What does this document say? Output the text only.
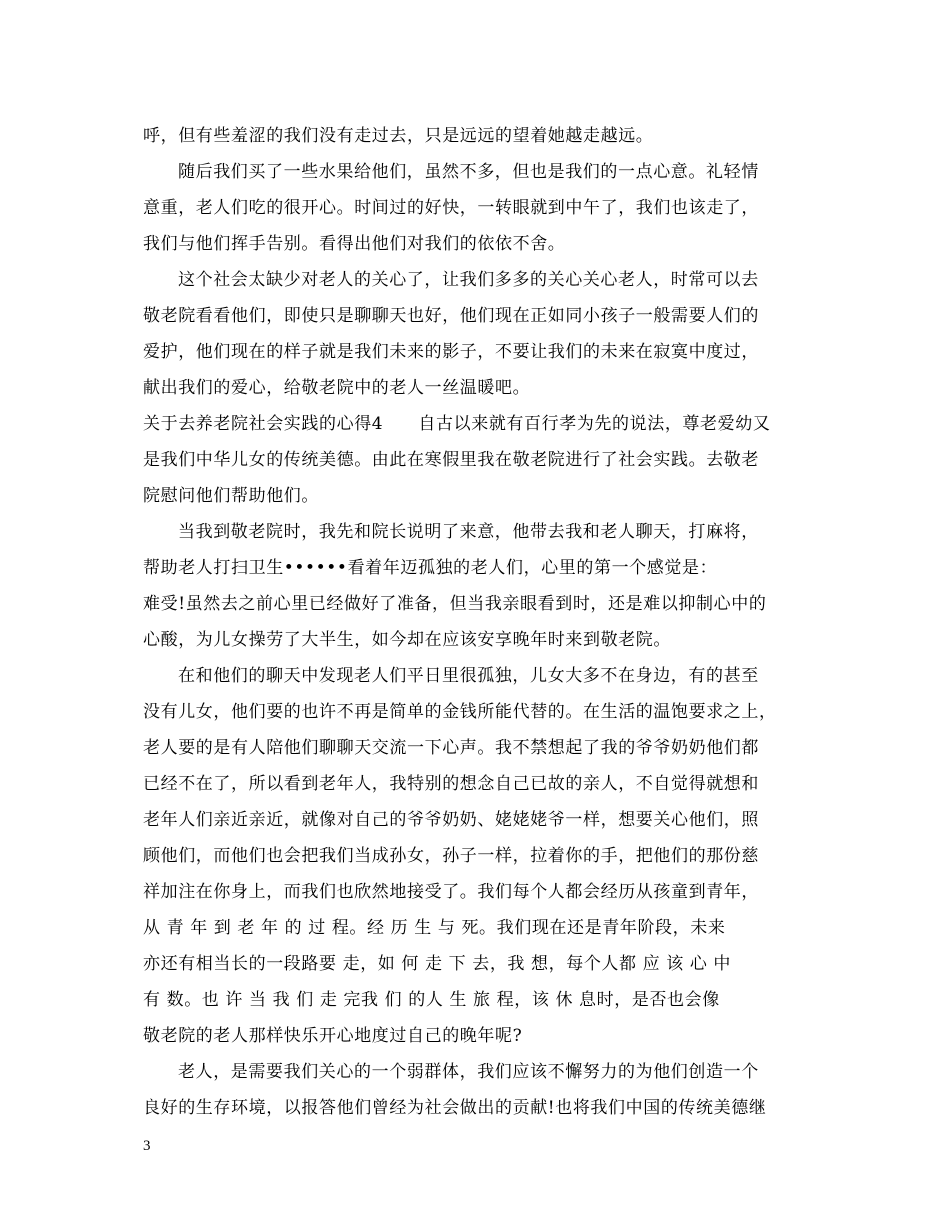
呼，但有些羞涩的我们没有走过去，只是远远的望着她越走越远。
随后我们买了一些水果给他们，虽然不多，但也是我们的一点心意。礼轻情
意重，老人们吃的很开心。时间过的好快，一转眼就到中午了，我们也该走了，
我们与他们挥手告别。看得出他们对我们的依依不舍。
这个社会太缺少对老人的关心了，让我们多多的关心关心老人，时常可以去
敬老院看看他们，即使只是聊聊天也好，他们现在正如同小孩子一般需要人们的
爱护，他们现在的样子就是我们未来的影子，不要让我们的未来在寂寞中度过，
献出我们的爱心，给敬老院中的老人一丝温暖吧。
关于去养老院社会实践的心得4　　自古以来就有百行孝为先的说法，尊老爱幼又
是我们中华儿女的传统美德。由此在寒假里我在敬老院进行了社会实践。去敬老
院慰问他们帮助他们。
当我到敬老院时，我先和院长说明了来意，他带去我和老人聊天，打麻将，
帮助老人打扫卫生••••••看着年迈孤独的老人们，心里的第一个感觉是：
难受!虽然去之前心里已经做好了准备，但当我亲眼看到时，还是难以抑制心中的
心酸，为儿女操劳了大半生，如今却在应该安享晚年时来到敬老院。
在和他们的聊天中发现老人们平日里很孤独，儿女大多不在身边，有的甚至
没有儿女，他们要的也许不再是简单的金钱所能代替的。在生活的温饱要求之上，
老人要的是有人陪他们聊聊天交流一下心声。我不禁想起了我的爷爷奶奶他们都
已经不在了，所以看到老年人，我特别的想念自己已故的亲人，不自觉得就想和
老年人们亲近亲近，就像对自己的爷爷奶奶、姥姥姥爷一样，想要关心他们，照
顾他们，而他们也会把我们当成孙女，孙子一样，拉着你的手，把他们的那份慈
祥加注在你身上，而我们也欣然地接受了。我们每个人都会经历从孩童到青年，
从 青 年 到 老 年 的 过 程。经 历 生 与 死。我们现在还是青年阶段，未来
亦还有相当长的一段路要 走，如 何 走 下 去，我 想，每个人都 应 该 心 中
有 数。也 许 当 我 们 走 完我 们 的人 生 旅 程，该 休 息时，是否也会像
敬老院的老人那样快乐开心地度过自己的晚年呢?
老人，是需要我们关心的一个弱群体，我们应该不懈努力的为他们创造一个
良好的生存环境，以报答他们曾经为社会做出的贡献!也将我们中国的传统美德继
3
